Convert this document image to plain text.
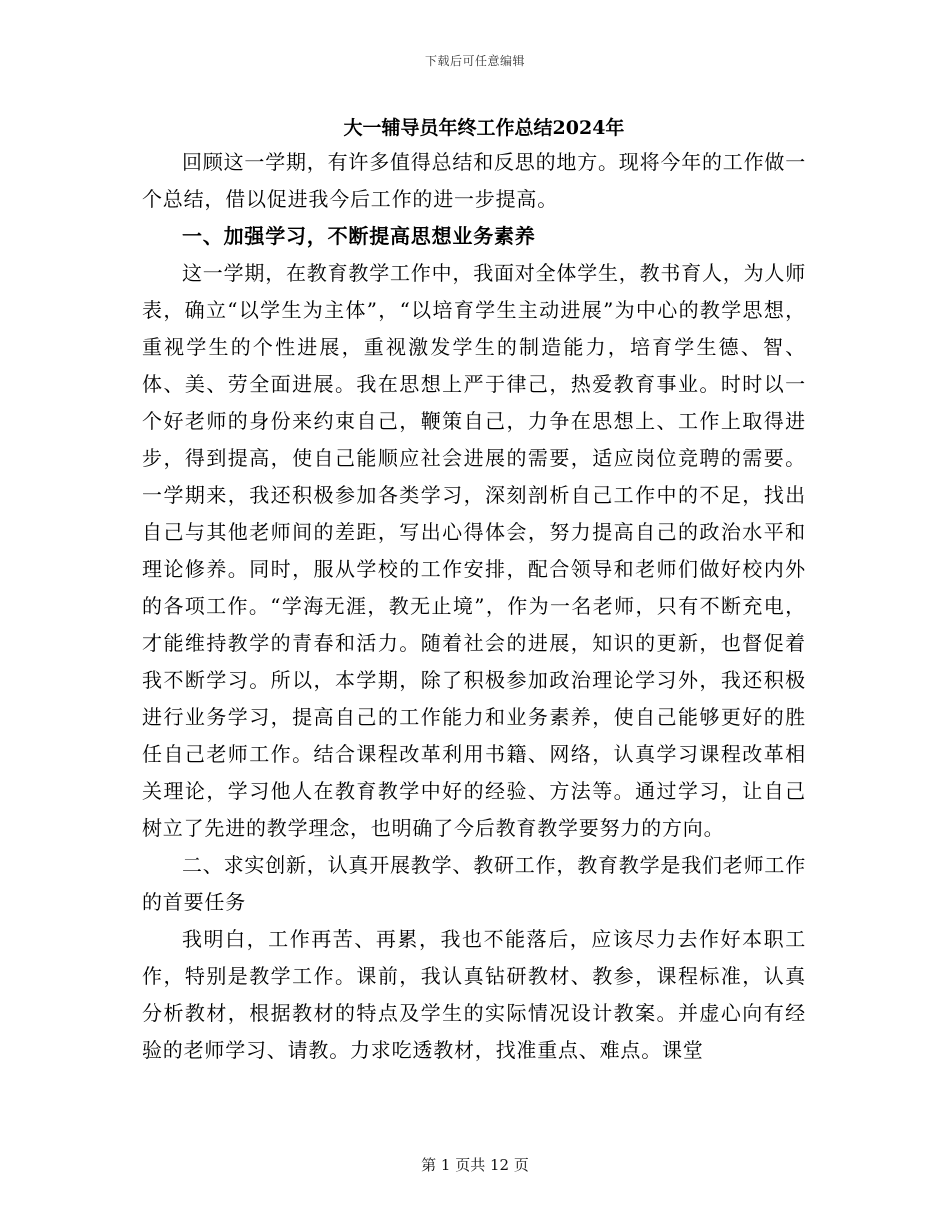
下载后可任意编辑
大一辅导员年终工作总结2024年

回顾这一学期，有许多值得总结和反思的地方。现将今年的工作做一个总结，借以促进我今后工作的进一步提高。

一、加强学习，不断提高思想业务素养

这一学期，在教育教学工作中，我面对全体学生，教书育人，为人师表，确立“以学生为主体”，“以培育学生主动进展”为中心的教学思想，重视学生的个性进展，重视激发学生的制造能力，培育学生德、智、体、美、劳全面进展。我在思想上严于律己，热爱教育事业。时时以一个好老师的身份来约束自己，鞭策自己，力争在思想上、工作上取得进步，得到提高，使自己能顺应社会进展的需要，适应岗位竞聘的需要。一学期来，我还积极参加各类学习，深刻剖析自己工作中的不足，找出自己与其他老师间的差距，写出心得体会，努力提高自己的政治水平和理论修养。同时，服从学校的工作安排，配合领导和老师们做好校内外的各项工作。“学海无涯，教无止境”，作为一名老师，只有不断充电，才能维持教学的青春和活力。随着社会的进展，知识的更新，也督促着我不断学习。所以，本学期，除了积极参加政治理论学习外，我还积极进行业务学习，提高自己的工作能力和业务素养，使自己能够更好的胜任自己老师工作。结合课程改革利用书籍、网络，认真学习课程改革相关理论，学习他人在教育教学中好的经验、方法等。通过学习，让自己树立了先进的教学理念，也明确了今后教育教学要努力的方向。

二、求实创新，认真开展教学、教研工作，教育教学是我们老师工作的首要任务

我明白，工作再苦、再累，我也不能落后，应该尽力去作好本职工作，特别是教学工作。课前，我认真钻研教材、教参，课程标准，认真分析教材，根据教材的特点及学生的实际情况设计教案。并虚心向有经验的老师学习、请教。力求吃透教材，找准重点、难点。课堂

第 1 页共 12 页
